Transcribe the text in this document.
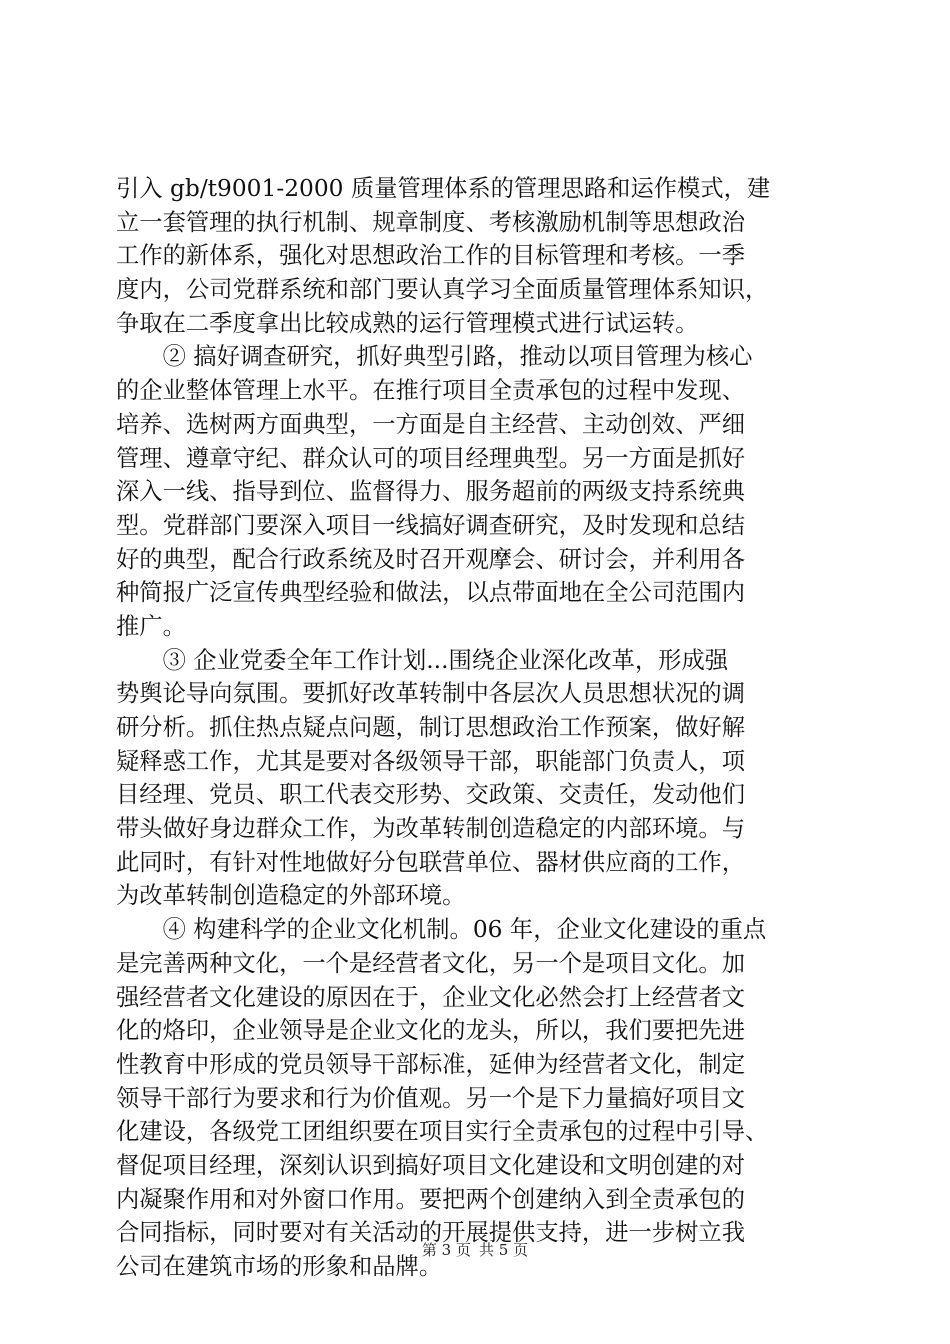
引入 gb/t9001-2000 质量管理体系的管理思路和运作模式，建

立一套管理的执行机制、规章制度、考核激励机制等思想政治

工作的新体系，强化对思想政治工作的目标管理和考核。一季

度内，公司党群系统和部门要认真学习全面质量管理体系知识，

争取在二季度拿出比较成熟的运行管理模式进行试运转。

　　② 搞好调查研究，抓好典型引路，推动以项目管理为核心

的企业整体管理上水平。在推行项目全责承包的过程中发现、

培养、选树两方面典型，一方面是自主经营、主动创效、严细

管理、遵章守纪、群众认可的项目经理典型。另一方面是抓好

深入一线、指导到位、监督得力、服务超前的两级支持系统典

型。党群部门要深入项目一线搞好调查研究，及时发现和总结

好的典型，配合行政系统及时召开观摩会、研讨会，并利用各

种简报广泛宣传典型经验和做法，以点带面地在全公司范围内

推广。

　　③ 企业党委全年工作计划...围绕企业深化改革，形成强

势舆论导向氛围。要抓好改革转制中各层次人员思想状况的调

研分析。抓住热点疑点问题，制订思想政治工作预案，做好解

疑释惑工作，尤其是要对各级领导干部，职能部门负责人，项

目经理、党员、职工代表交形势、交政策、交责任，发动他们

带头做好身边群众工作，为改革转制创造稳定的内部环境。与

此同时，有针对性地做好分包联营单位、器材供应商的工作，

为改革转制创造稳定的外部环境。

　　④ 构建科学的企业文化机制。06 年，企业文化建设的重点

是完善两种文化，一个是经营者文化，另一个是项目文化。加

强经营者文化建设的原因在于，企业文化必然会打上经营者文

化的烙印，企业领导是企业文化的龙头，所以，我们要把先进

性教育中形成的党员领导干部标准，延伸为经营者文化，制定

领导干部行为要求和行为价值观。另一个是下力量搞好项目文

化建设，各级党工团组织要在项目实行全责承包的过程中引导、

督促项目经理，深刻认识到搞好项目文化建设和文明创建的对

内凝聚作用和对外窗口作用。要把两个创建纳入到全责承包的

合同指标，同时要对有关活动的开展提供支持，进一步树立我

公司在建筑市场的形象和品牌。

第 3 页 共 5 页
